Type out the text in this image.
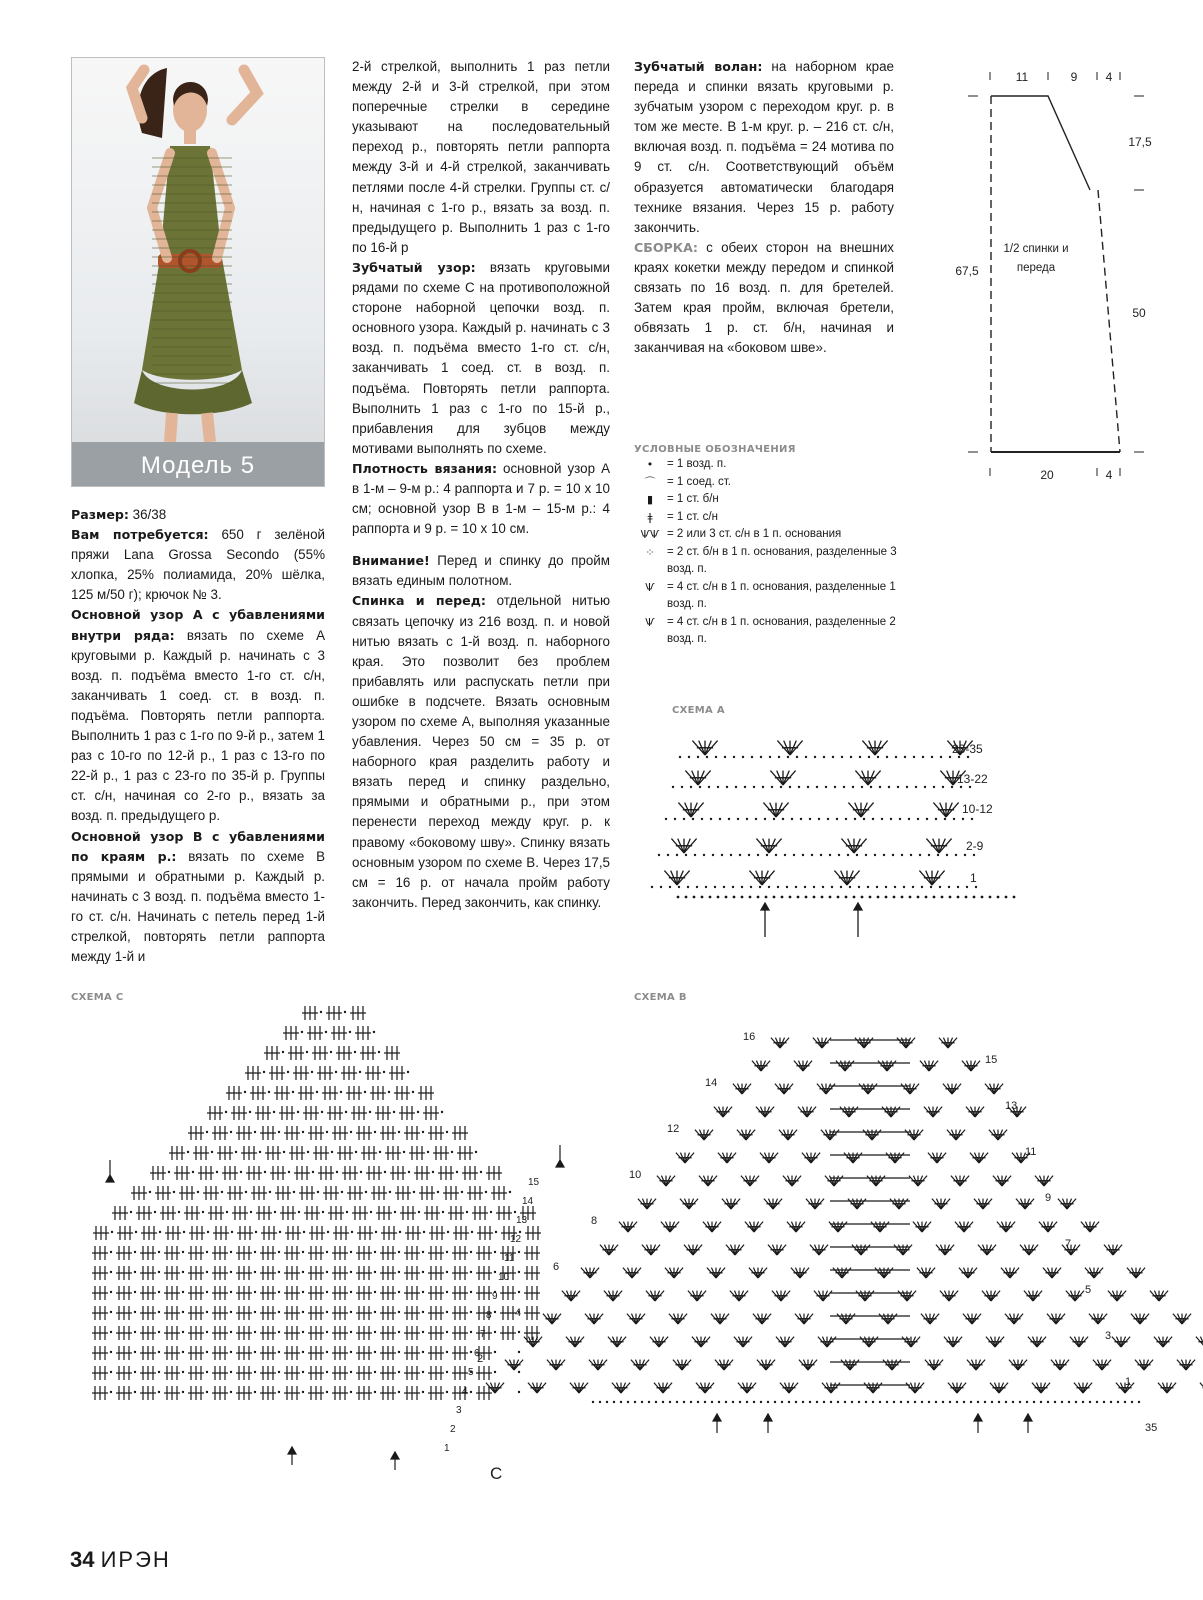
Модель 5

Размер: 36/38

Вам потребуется: 650 г зелёной пряжи Lana Grossa Secondo (55% хлопка, 25% полиамида, 20% шёлка, 125 м/50 г); крючок № 3.

Основной узор А с убавлениями внутри ряда: вязать по схеме А круговыми р. Каждый р. начинать с 3 возд. п. подъёма вместо 1-го ст. с/н, заканчивать 1 соед. ст. в возд. п. подъёма. Повторять петли раппорта. Выполнить 1 раз с 1-го по 9-й р., затем 1 раз с 10-го по 12-й р., 1 раз с 13-го по 22-й р., 1 раз с 23-го по 35-й р. Группы ст. с/н, начиная со 2-го р., вязать за возд. п. предыдущего р.

Основной узор В с убавлениями по краям р.: вязать по схеме В прямыми и обратными р. Каждый р. начинать с 3 возд. п. подъёма вместо 1-го ст. с/н. Начинать с петель перед 1-й стрелкой, повторять петли раппорта между 1-й и

2-й стрелкой, выполнить 1 раз петли между 2-й и 3-й стрелкой, при этом поперечные стрелки в середине указывают на последовательный переход р., повторять петли раппорта между 3-й и 4-й стрелкой, заканчивать петлями после 4-й стрелки. Группы ст. с/н, начиная с 1-го р., вязать за возд. п. предыдущего р. Выполнить 1 раз с 1-го по 16-й р

Зубчатый узор: вязать круговыми рядами по схеме С на противоположной стороне наборной цепочки возд. п. основного узора. Каждый р. начинать с 3 возд. п. подъёма вместо 1-го ст. с/н, заканчивать 1 соед. ст. в возд. п. подъёма. Повторять петли раппорта. Выполнить 1 раз с 1-го по 15-й р., прибавления для зубцов между мотивами выполнять по схеме.

Плотность вязания: основной узор А в 1-м – 9-м р.: 4 раппорта и 7 р. = 10 х 10 см; основной узор В в 1-м – 15-м р.: 4 раппорта и 9 р. = 10 х 10 см.

Внимание! Перед и спинку до пройм вязать единым полотном.

Спинка и перед: отдельной нитью связать цепочку из 216 возд. п. и новой нитью вязать с 1-й возд. п. наборного края. Это позволит без проблем прибавлять или распускать петли при ошибке в подсчете. Вязать основным узором по схеме А, выполняя указанные убавления. Через 50 см = 35 р. от наборного края разделить работу и вязать перед и спинку раздельно, прямыми и обратными р., при этом перенести переход между круг. р. к правому «боковому шву». Спинку вязать основным узором по схеме В. Через 17,5 см = 16 р. от начала пройм работу закончить. Перед закончить, как спинку.

Зубчатый волан: на наборном крае переда и спинки вязать круговыми р. зубчатым узором с переходом круг. р. в том же месте. В 1-м круг. р. – 216 ст. с/н, включая возд. п. подъёма = 24 мотива по 9 ст. с/н. Соответствующий объём образуется автоматически благодаря технике вязания. Через 15 р. работу закончить.

СБОРКА: с обеих сторон на внешних краях кокетки между передом и спинкой связать по 16 возд. п. для бретелей. Затем края пройм, включая бретели, обвязать 1 р. ст. б/н, начиная и заканчивая на «боковом шве».

УСЛОВНЫЕ ОБОЗНАЧЕНИЯ
•	= 1 возд. п.
⌒	= 1 соед. ст.
▮	= 1 ст. б/н
ǂ	= 1 ст. с/н
ѰѰ = 2 или 3 ст. с/н в 1 п. основания
⁘	= 2 ст. б/н в 1 п. основания, разделенные 3 возд. п.
Ѱ	= 4 ст. с/н в 1 п. основания, разделенные 1 возд. п.
Ѱ	= 4 ст. с/н в 1 п. основания, разделенные 2 возд. п.
11	9 4
20	4
67,5
17,5
50
1/2 спинки и
переда
СХЕМА А
23-35
13-22
10-12
2-9
1
СХЕМА С
15
14
13
12
11
10
9
8
7
6
5
4
3
2
1
С
СХЕМА B
16
14
12
10
8
6
4
2
15
13
11
9
7
5
3
1
35
34 ИРЭН
